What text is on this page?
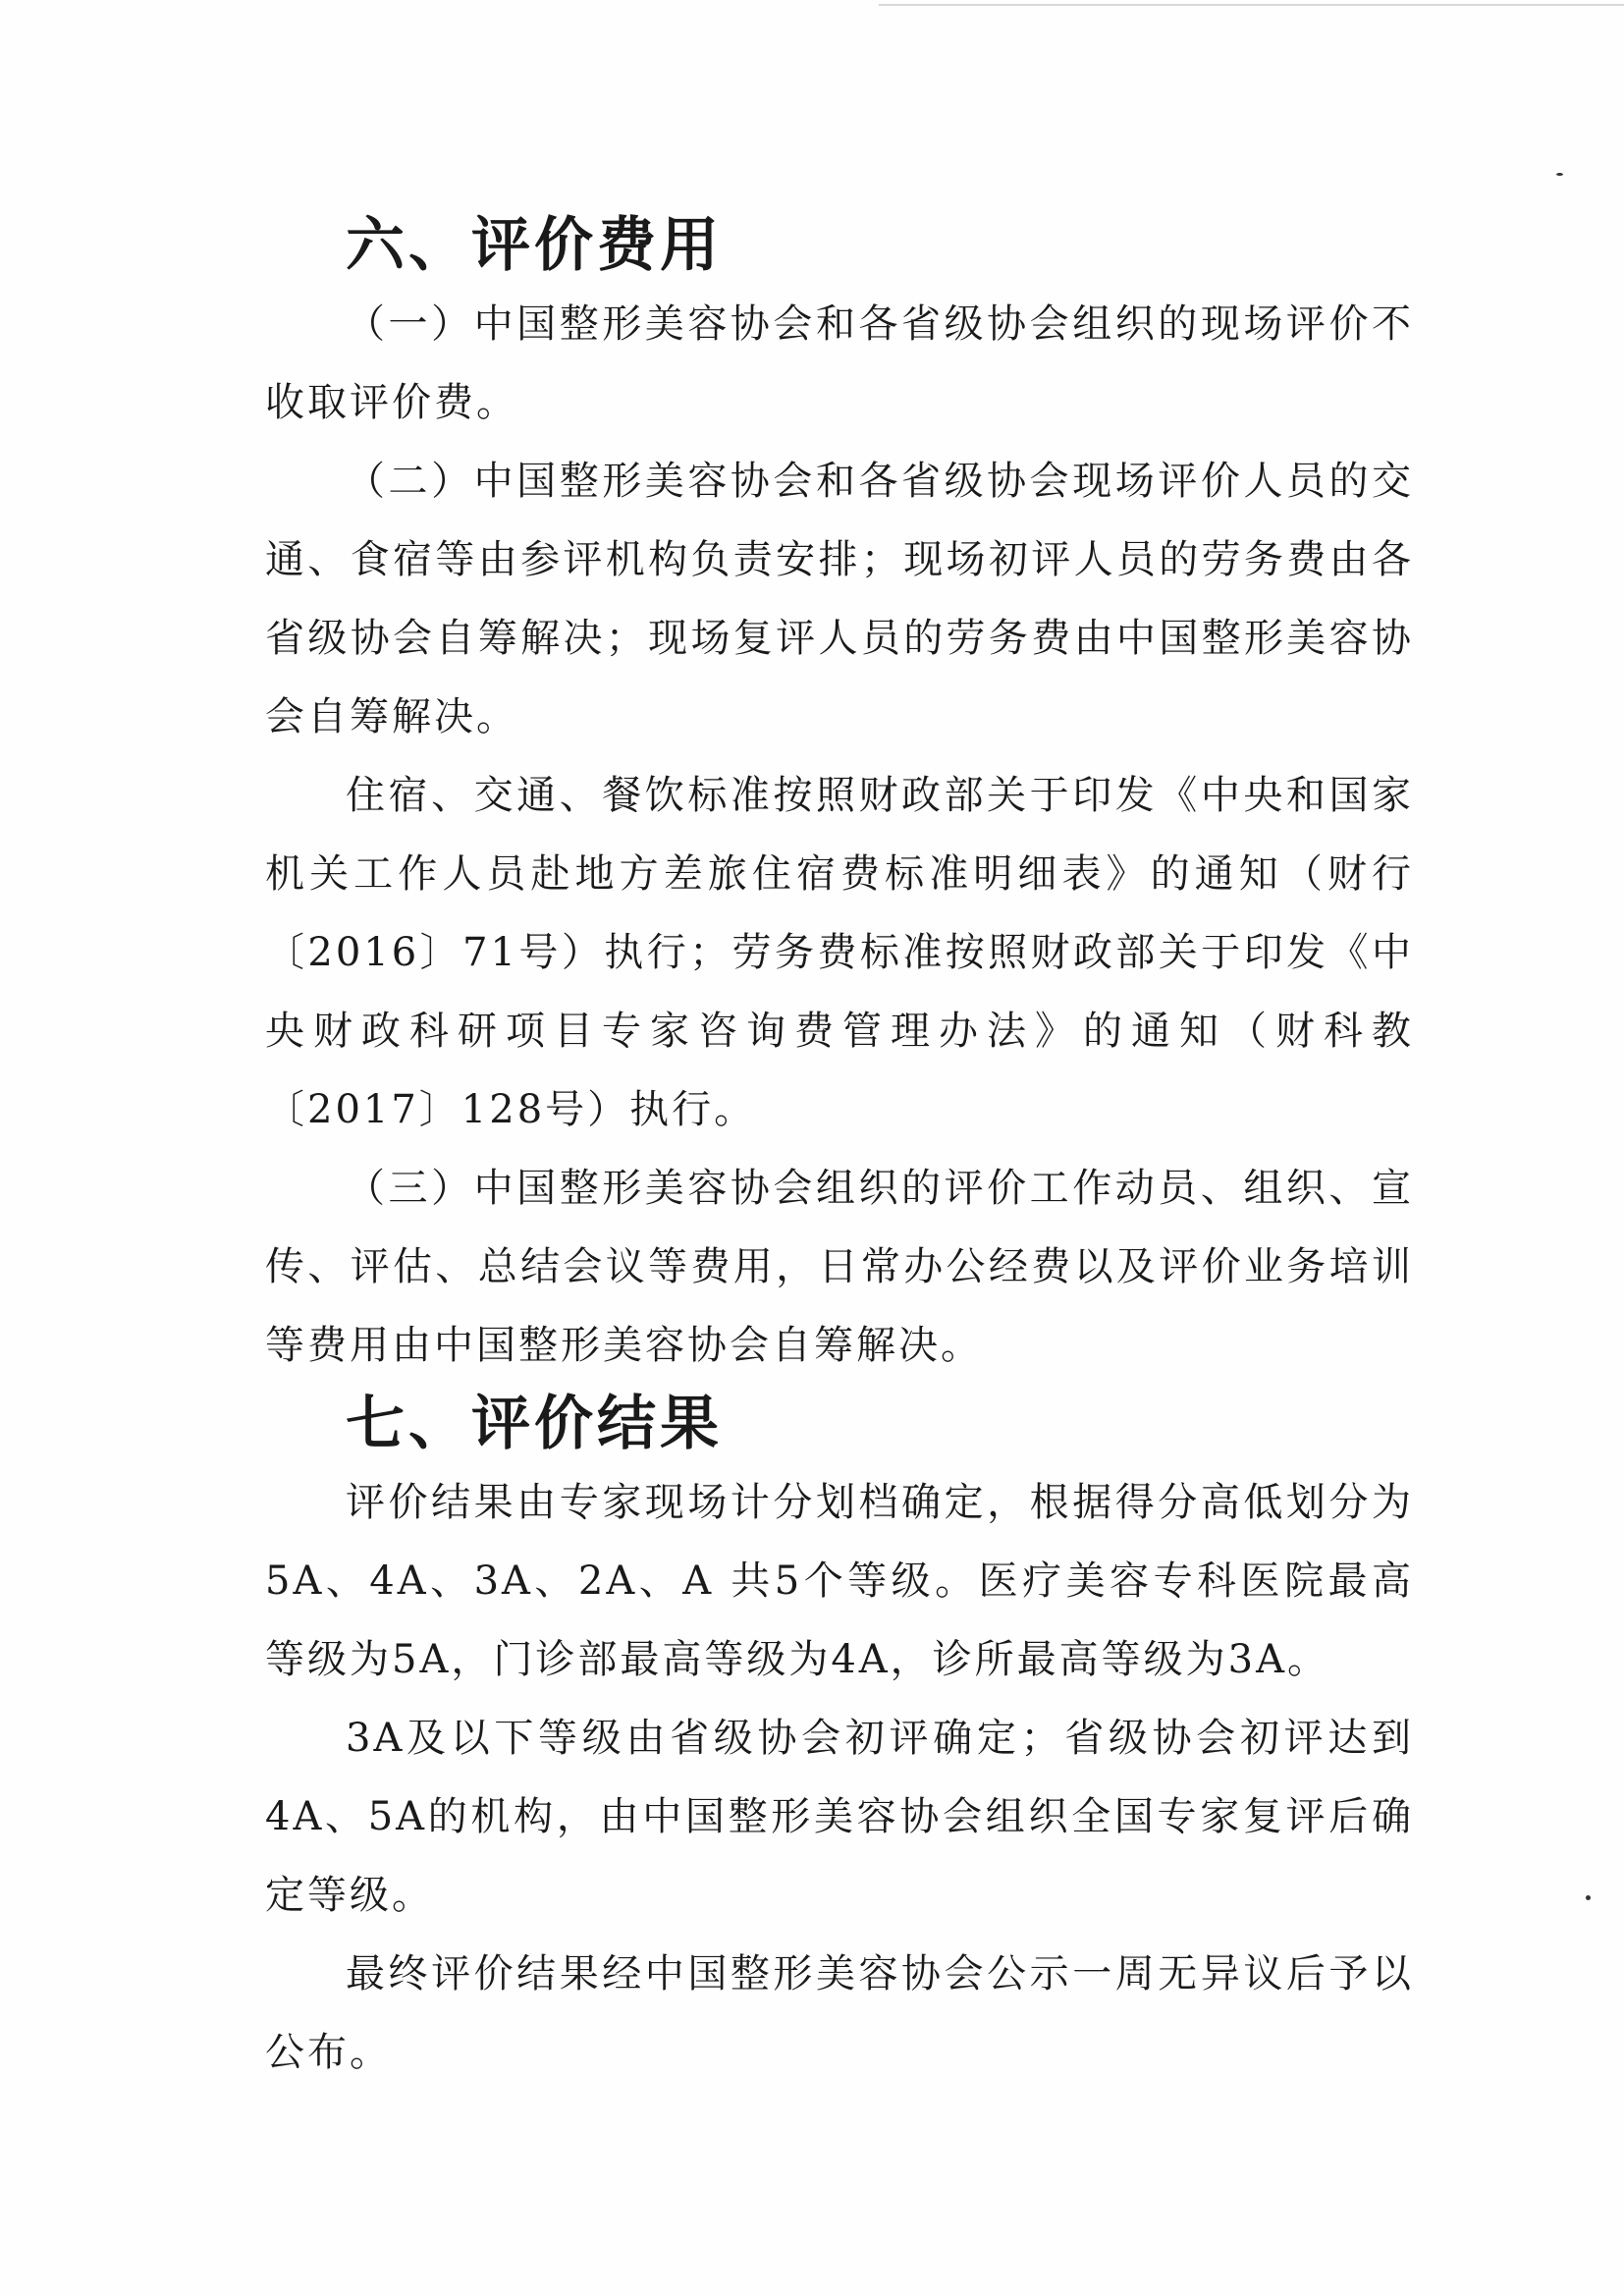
六、评价费用

（一）中国整形美容协会和各省级协会组织的现场评价不收取评价费。

（二）中国整形美容协会和各省级协会现场评价人员的交通、食宿等由参评机构负责安排；现场初评人员的劳务费由各省级协会自筹解决；现场复评人员的劳务费由中国整形美容协会自筹解决。

住宿、交通、餐饮标准按照财政部关于印发《中央和国家机关工作人员赴地方差旅住宿费标准明细表》的通知（财行〔2016〕71号）执行；劳务费标准按照财政部关于印发《中央财政科研项目专家咨询费管理办法》的通知（财科教〔2017〕128号）执行。

（三）中国整形美容协会组织的评价工作动员、组织、宣传、评估、总结会议等费用，日常办公经费以及评价业务培训等费用由中国整形美容协会自筹解决。

七、评价结果

评价结果由专家现场计分划档确定，根据得分高低划分为5A、4A、3A、2A、A 共5个等级。医疗美容专科医院最高等级为5A，门诊部最高等级为4A，诊所最高等级为3A。

3A及以下等级由省级协会初评确定；省级协会初评达到4A、5A的机构，由中国整形美容协会组织全国专家复评后确定等级。

最终评价结果经中国整形美容协会公示一周无异议后予以公布。
